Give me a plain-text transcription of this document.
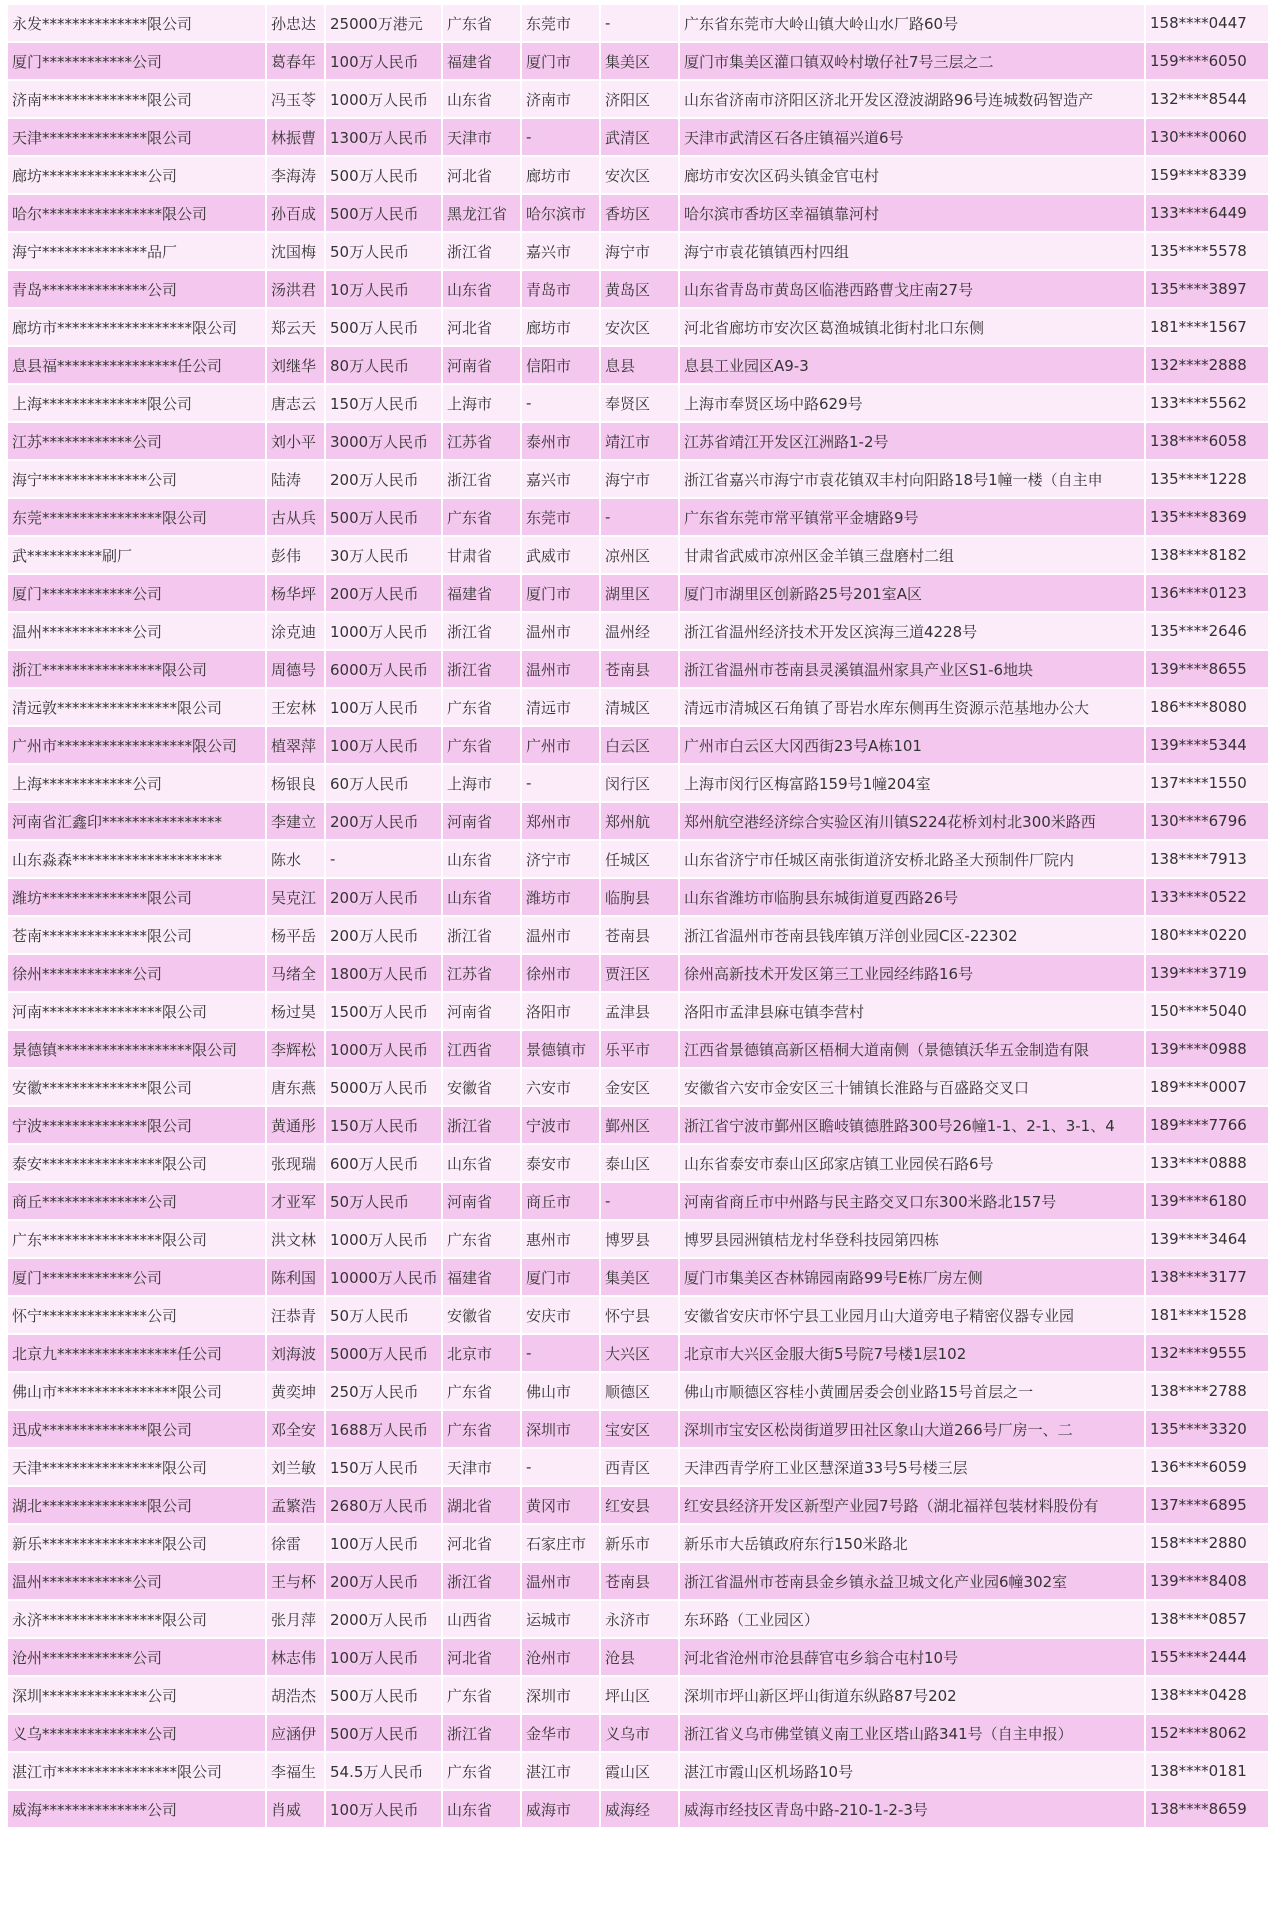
永发**************限公司	孙忠达	25000万港元	广东省	东莞市	-	广东省东莞市大岭山镇大岭山水厂路60号	158****0447
厦门************公司	葛春年	100万人民币	福建省	厦门市	集美区	厦门市集美区灌口镇双岭村墩仔社7号三层之二	159****6050
济南**************限公司	冯玉苓	1000万人民币	山东省	济南市	济阳区	山东省济南市济阳区济北开发区澄波湖路96号连城数码智造产	132****8544
天津**************限公司	林振曹	1300万人民币	天津市	-	武清区	天津市武清区石各庄镇福兴道6号	130****0060
廊坊**************公司	李海涛	500万人民币	河北省	廊坊市	安次区	廊坊市安次区码头镇金官屯村	159****8339
哈尔****************限公司	孙百成	500万人民币	黑龙江省	哈尔滨市	香坊区	哈尔滨市香坊区幸福镇靠河村	133****6449
海宁**************品厂	沈国梅	50万人民币	浙江省	嘉兴市	海宁市	海宁市袁花镇镇西村四组	135****5578
青岛**************公司	汤洪君	10万人民币	山东省	青岛市	黄岛区	山东省青岛市黄岛区临港西路曹戈庄南27号	135****3897
廊坊市******************限公司	郑云天	500万人民币	河北省	廊坊市	安次区	河北省廊坊市安次区葛渔城镇北街村北口东侧	181****1567
息县福****************任公司	刘继华	80万人民币	河南省	信阳市	息县	息县工业园区A9-3	132****2888
上海**************限公司	唐志云	150万人民币	上海市	-	奉贤区	上海市奉贤区场中路629号	133****5562
江苏************公司	刘小平	3000万人民币	江苏省	泰州市	靖江市	江苏省靖江开发区江洲路1-2号	138****6058
海宁**************公司	陆涛	200万人民币	浙江省	嘉兴市	海宁市	浙江省嘉兴市海宁市袁花镇双丰村向阳路18号1幢一楼（自主申	135****1228
东莞****************限公司	古从兵	500万人民币	广东省	东莞市	-	广东省东莞市常平镇常平金塘路9号	135****8369
武**********刷厂	彭伟	30万人民币	甘肃省	武威市	凉州区	甘肃省武威市凉州区金羊镇三盘磨村二组	138****8182
厦门************公司	杨华坪	200万人民币	福建省	厦门市	湖里区	厦门市湖里区创新路25号201室A区	136****0123
温州************公司	涂克迪	1000万人民币	浙江省	温州市	温州经	浙江省温州经济技术开发区滨海三道4228号	135****2646
浙江****************限公司	周德号	6000万人民币	浙江省	温州市	苍南县	浙江省温州市苍南县灵溪镇温州家具产业区S1-6地块	139****8655
清远敦****************限公司	王宏林	100万人民币	广东省	清远市	清城区	清远市清城区石角镇了哥岩水库东侧再生资源示范基地办公大	186****8080
广州市******************限公司	植翠萍	100万人民币	广东省	广州市	白云区	广州市白云区大冈西街23号A栋101	139****5344
上海************公司	杨银良	60万人民币	上海市	-	闵行区	上海市闵行区梅富路159号1幢204室	137****1550
河南省汇鑫印****************	李建立	200万人民币	河南省	郑州市	郑州航	郑州航空港经济综合实验区洧川镇S224花桥刘村北300米路西	130****6796
山东淼森********************	陈水	-	山东省	济宁市	任城区	山东省济宁市任城区南张街道济安桥北路圣大预制件厂院内	138****7913
潍坊**************限公司	吴克江	200万人民币	山东省	潍坊市	临朐县	山东省潍坊市临朐县东城街道夏西路26号	133****0522
苍南**************限公司	杨平岳	200万人民币	浙江省	温州市	苍南县	浙江省温州市苍南县钱库镇万洋创业园C区-22302	180****0220
徐州************公司	马绪全	1800万人民币	江苏省	徐州市	贾汪区	徐州高新技术开发区第三工业园经纬路16号	139****3719
河南****************限公司	杨过昊	1500万人民币	河南省	洛阳市	孟津县	洛阳市孟津县麻屯镇李营村	150****5040
景德镇******************限公司	李辉松	1000万人民币	江西省	景德镇市	乐平市	江西省景德镇高新区梧桐大道南侧（景德镇沃华五金制造有限	139****0988
安徽**************限公司	唐东燕	5000万人民币	安徽省	六安市	金安区	安徽省六安市金安区三十铺镇长淮路与百盛路交叉口	189****0007
宁波**************限公司	黄通彤	150万人民币	浙江省	宁波市	鄞州区	浙江省宁波市鄞州区瞻岐镇德胜路300号26幢1-1、2-1、3-1、4	189****7766
泰安****************限公司	张现瑞	600万人民币	山东省	泰安市	泰山区	山东省泰安市泰山区邱家店镇工业园侯石路6号	133****0888
商丘**************公司	才亚军	50万人民币	河南省	商丘市	-	河南省商丘市中州路与民主路交叉口东300米路北157号	139****6180
广东****************限公司	洪文林	1000万人民币	广东省	惠州市	博罗县	博罗县园洲镇桔龙村华登科技园第四栋	139****3464
厦门************公司	陈利国	10000万人民币	福建省	厦门市	集美区	厦门市集美区杏林锦园南路99号E栋厂房左侧	138****3177
怀宁**************公司	汪恭青	50万人民币	安徽省	安庆市	怀宁县	安徽省安庆市怀宁县工业园月山大道旁电子精密仪器专业园	181****1528
北京九****************任公司	刘海波	5000万人民币	北京市	-	大兴区	北京市大兴区金服大街5号院7号楼1层102	132****9555
佛山市****************限公司	黄奕坤	250万人民币	广东省	佛山市	顺德区	佛山市顺德区容桂小黄圃居委会创业路15号首层之一	138****2788
迅成**************限公司	邓全安	1688万人民币	广东省	深圳市	宝安区	深圳市宝安区松岗街道罗田社区象山大道266号厂房一、二	135****3320
天津****************限公司	刘兰敏	150万人民币	天津市	-	西青区	天津西青学府工业区慧深道33号5号楼三层	136****6059
湖北**************限公司	孟繁浩	2680万人民币	湖北省	黄冈市	红安县	红安县经济开发区新型产业园7号路（湖北福祥包装材料股份有	137****6895
新乐****************限公司	徐雷	100万人民币	河北省	石家庄市	新乐市	新乐市大岳镇政府东行150米路北	158****2880
温州************公司	王与杯	200万人民币	浙江省	温州市	苍南县	浙江省温州市苍南县金乡镇永益卫城文化产业园6幢302室	139****8408
永济****************限公司	张月萍	2000万人民币	山西省	运城市	永济市	东环路（工业园区）	138****0857
沧州************公司	林志伟	100万人民币	河北省	沧州市	沧县	河北省沧州市沧县薛官屯乡翁合屯村10号	155****2444
深圳**************公司	胡浩杰	500万人民币	广东省	深圳市	坪山区	深圳市坪山新区坪山街道东纵路87号202	138****0428
义乌**************公司	应涵伊	500万人民币	浙江省	金华市	义乌市	浙江省义乌市佛堂镇义南工业区塔山路341号（自主申报）	152****8062
湛江市****************限公司	李福生	54.5万人民币	广东省	湛江市	霞山区	湛江市霞山区机场路10号	138****0181
威海**************公司	肖威	100万人民币	山东省	威海市	威海经	威海市经技区青岛中路-210-1-2-3号	138****8659
